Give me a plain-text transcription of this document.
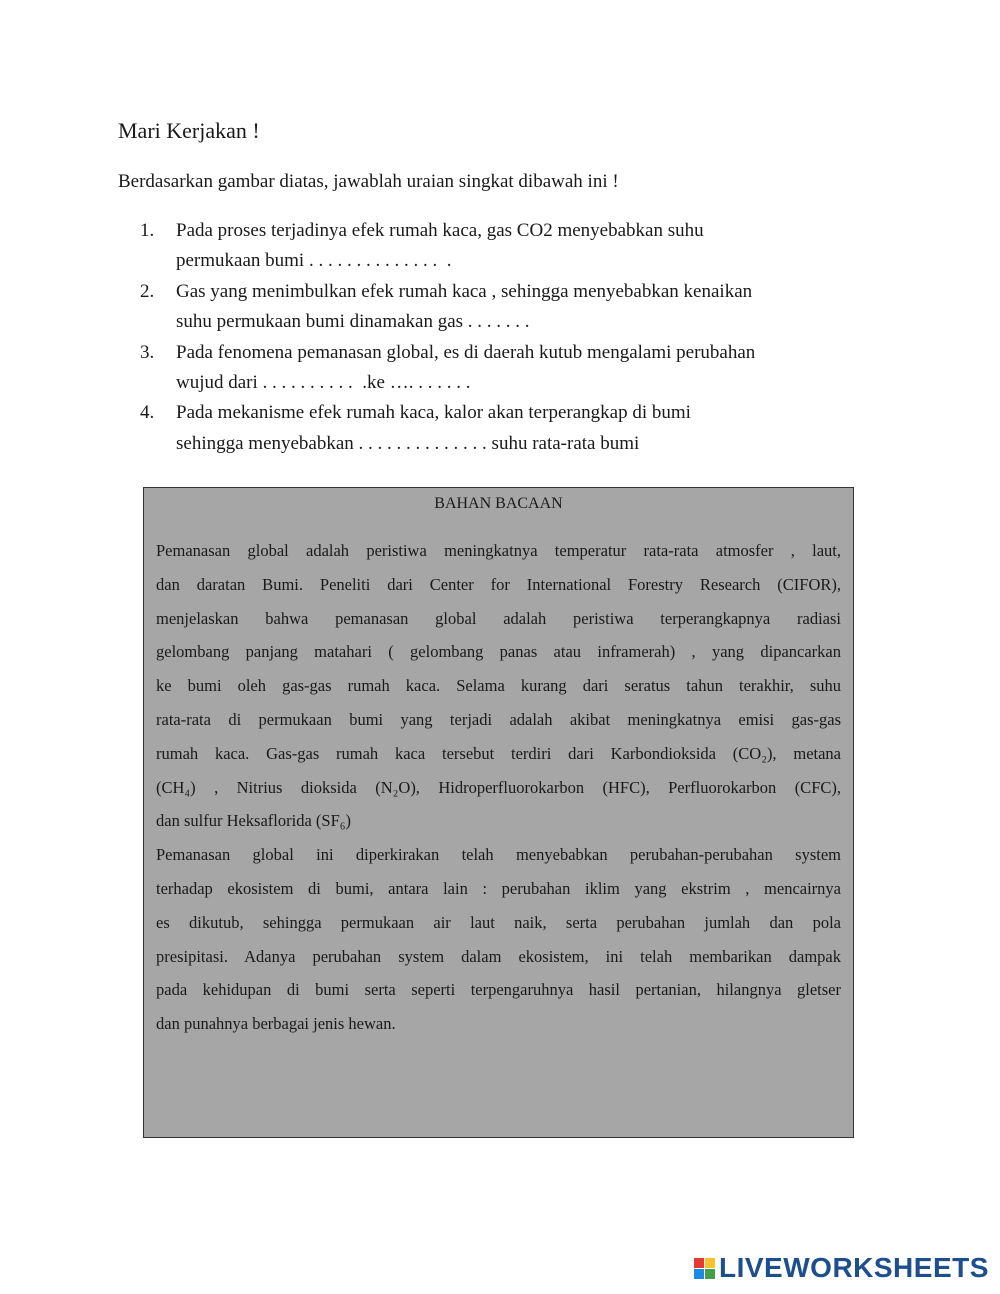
Mari Kerjakan !
Berdasarkan gambar diatas, jawablah uraian singkat dibawah ini !
1.	Pada proses terjadinya efek rumah kaca, gas CO2 menyebabkan suhu
permukaan bumi . . . . . . . . . . . . . .  .
2.	Gas yang menimbulkan efek rumah kaca , sehingga menyebabkan kenaikan
suhu permukaan bumi dinamakan gas . . . . . . .
3.	Pada fenomena pemanasan global, es di daerah kutub mengalami perubahan
wujud dari . . . . . . . . . .  .ke …. . . . . . .
4.	Pada mekanisme efek rumah kaca, kalor akan terperangkap di bumi
sehingga menyebabkan . . . . . . . . . . . . . . suhu rata-rata bumi
BAHAN BACAAN
Pemanasan global adalah peristiwa meningkatnya temperatur rata-rata atmosfer , laut,
dan daratan Bumi. Peneliti dari Center for International Forestry Research (CIFOR),
menjelaskan bahwa pemanasan global adalah peristiwa terperangkapnya radiasi
gelombang panjang matahari ( gelombang panas atau inframerah) , yang dipancarkan
ke bumi oleh gas-gas rumah kaca. Selama kurang dari seratus tahun terakhir, suhu
rata-rata di permukaan bumi yang terjadi adalah akibat meningkatnya emisi gas-gas
rumah kaca. Gas-gas rumah kaca tersebut terdiri dari Karbondioksida (CO₂), metana
(CH₄) , Nitrius dioksida (N₂O), Hidroperfluorokarbon (HFC), Perfluorokarbon (CFC),
dan sulfur Heksaflorida (SF₆)
Pemanasan global ini diperkirakan telah menyebabkan perubahan-perubahan system
terhadap ekosistem di bumi, antara lain : perubahan iklim yang ekstrim , mencairnya
es dikutub, sehingga permukaan air laut naik, serta perubahan jumlah dan pola
presipitasi. Adanya perubahan system dalam ekosistem, ini telah membarikan dampak
pada kehidupan di bumi serta seperti terpengaruhnya hasil pertanian, hilangnya gletser
dan punahnya berbagai jenis hewan.
LIVEWORKSHEETS
